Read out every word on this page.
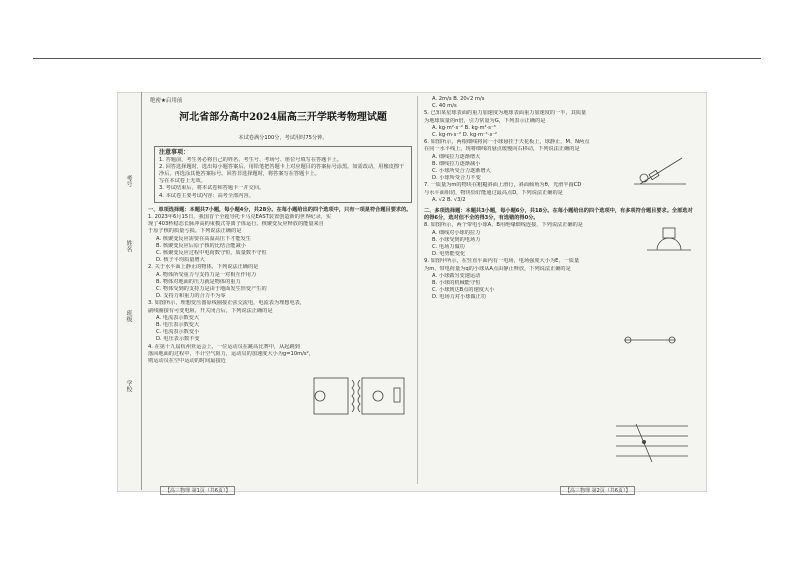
考号
姓名
班级
学校
绝密★启用前
河北省部分高中2024届高三开学联考物理试题
本试卷满分100分，考试用时75分钟。
注意事项：
1. 答题前，考生务必将自己的姓名、考生号、考场号、座位号填写在答题卡上。
2. 回答选择题时，选出每小题答案后，用铅笔把答题卡上对应题目的答案标号涂黑。如需改动，用橡皮擦干净后，再选涂其他答案标号。回答非选择题时，将答案写在答题卡上。
写在本试卷上无效。
3. 考试结束后，将本试卷和答题卡一并交回。
4. 本试卷主要考试内容：高考全部内容。
一、单项选择题：本题共7小题，每小题4分，共28分。在每小题给出的四个选项中，只有一项是符合题目要求的。
1. 2023年6月15日，我国首个全超导托卡马克EAST装置创造新的世界纪录，实
现了403秒稳态长脉冲高约束模式等离子体运行。核聚变反应释放的能量来自
于原子核的质量亏损。下列说法正确的是
A. 核聚变反应需要在高温高压下才能发生
B. 核聚变反应后原子核的比结合能减小
C. 核聚变反应过程中电荷数守恒，质量数不守恒
D. 核子平均质量增大
2. 关于水平面上静止的物体，下列说法正确的是
A. 物体所受重力与支持力是一对相互作用力
B. 物体对地面的压力就是物体的重力
C. 物体受到的支持力是由于地面发生形变产生的
D. 支持力和重力的合力不为零
3. 如图所示，理想变压器原线圈接正弦交流电，电流表为理想电表，
副线圈接有可变电阻，开关闭合后，下列说法正确的是
A. 电流表示数变大
B. 电压表示数变大
C. 电流表示数变小
D. 电压表示数不变
4. 在第十九届杭州亚运会上，一位运动员在跳高比赛中，从起跳到
落回地面的过程中，不计空气阻力，运动员的加速度大小为g=10m/s²，
则运动员在空中运动的时间最接近
A. 2m/s B. 20√2 m/s
C. 40 m/s
5. 已知某星球表面的重力加速度为地球表面重力加速度的一半，其质量
为地球质量的n倍，引力常量为G，下列表示正确的是
A. kg·m²·s⁻² B. kg·m²·s⁻³
C. kg·m·s⁻² D. kg·m⁻¹·s⁻²
6. 如图所示，两根细线将同一小球悬挂于天花板上，球静止，M、N两点
在同一水平线上，现将细线的悬点缓慢向右移动，下列说法正确的是
A. 细线拉力逐渐增大
B. 细线拉力逐渐减小
C. 小球所受合力逐渐增大
D. 小球所受合力不变
7. 一质量为m的物块在粗糙斜面上滑行，斜面倾角为θ，光滑半圆CD
与水平面相切，物块恰好能通过最高点D，下列说法正确的是
A. √2 B. √3/2
二、多项选择题：本题共3小题，每小题6分，共18分。在每小题给出的四个选项中，有多项符合题目要求。全部选对的得6分，选对但不全的得3分，有选错的得0分。
8. 如图所示，两个带电小球A、B用绝缘细线连接，下列说法正确的是
A. 细线对小球的拉力
B. 小球受到的电场力
C. 电场力做功
D. 电势能变化
9. 如图甲所示，在竖直平面内有一电场，电场强度大小为E，一质量
为m、带电荷量为q的小球从A点由静止释放，下列说法正确的是
A. 小球做匀变速运动
B. 小球的机械能守恒
C. 小球到达B点的速度大小
D. 电场力对小球做正功
【高三物理 第1页（共6页）】	【高三物理 第2页（共6页）】
